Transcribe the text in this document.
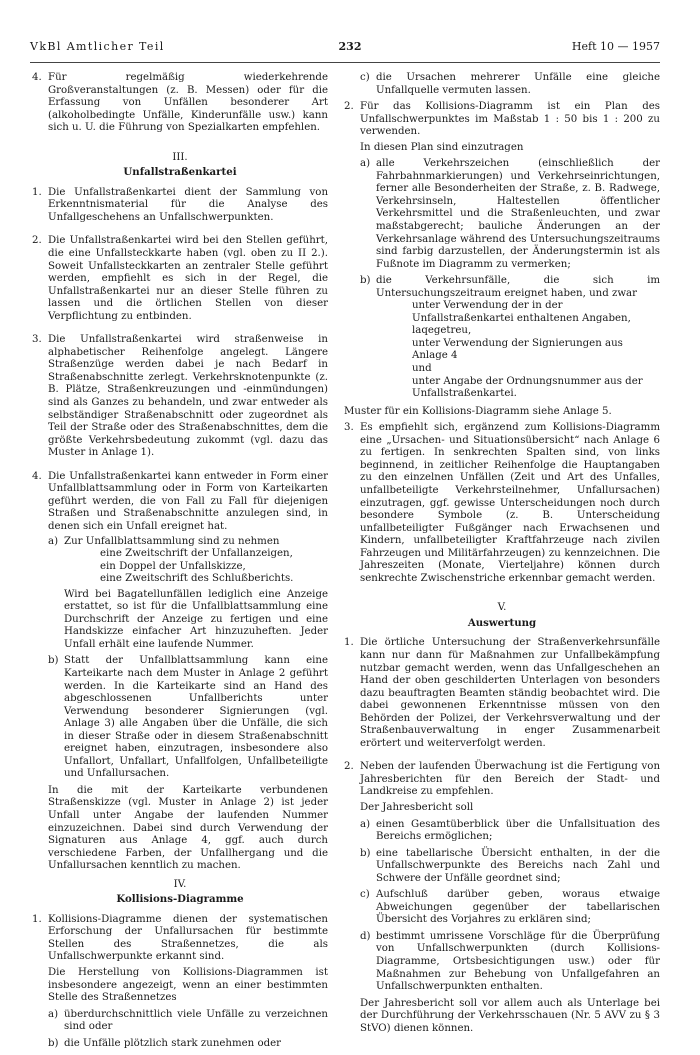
VkBl Amtlicher Teil	232	Heft 10 — 1957
4. Für regelmäßig wiederkehrende Großveranstaltungen (z. B. Messen) oder für die Erfassung von Unfällen besonderer Art (alkoholbedingte Unfälle, Kinderunfälle usw.) kann sich u. U. die Führung von Spezialkarten empfehlen.
III.
Unfallstraßenkartei
1. Die Unfallstraßenkartei dient der Sammlung von Erkenntnismaterial für die Analyse des Unfallgeschehens an Unfallschwerpunkten.
2. Die Unfallstraßenkartei wird bei den Stellen geführt, die eine Unfallsteckkarte haben (vgl. oben zu II 2.). Soweit Unfallsteckkarten an zentraler Stelle geführt werden, empfiehlt es sich in der Regel, die Unfallstraßenkartei nur an dieser Stelle führen zu lassen und die örtlichen Stellen von dieser Verpflichtung zu entbinden.
3. Die Unfallstraßenkartei wird straßenweise in alphabetischer Reihenfolge angelegt. Längere Straßenzüge werden dabei je nach Bedarf in Straßenabschnitte zerlegt. Verkehrsknotenpunkte (z. B. Plätze, Straßenkreuzungen und -einmündungen) sind als Ganzes zu behandeln, und zwar entweder als selbständiger Straßenabschnitt oder zugeordnet als Teil der Straße oder des Straßenabschnittes, dem die größte Verkehrsbedeutung zukommt (vgl. dazu das Muster in Anlage 1).
4. Die Unfallstraßenkartei kann entweder in Form einer Unfallblattsammlung oder in Form von Karteikarten geführt werden, die von Fall zu Fall für diejenigen Straßen und Straßenabschnitte anzulegen sind, in denen sich ein Unfall ereignet hat.
a) Zur Unfallblattsammlung sind zu nehmen
eine Zweitschrift der Unfallanzeigen,
ein Doppel der Unfallskizze,
eine Zweitschrift des Schlußberichts.
Wird bei Bagatellunfällen lediglich eine Anzeige erstattet, so ist für die Unfallblattsammlung eine Durchschrift der Anzeige zu fertigen und eine Handskizze einfacher Art hinzuzuheften. Jeder Unfall erhält eine laufende Nummer.
b) Statt der Unfallblattsammlung kann eine Karteikarte nach dem Muster in Anlage 2 geführt werden. In die Karteikarte sind an Hand des abgeschlossenen Unfallberichts unter Verwendung besonderer Signierungen (vgl. Anlage 3) alle Angaben über die Unfälle, die sich in dieser Straße oder in diesem Straßenabschnitt ereignet haben, einzutragen, insbesondere also Unfallort, Unfallart, Unfallfolgen, Unfallbeteiligte und Unfallursachen.
In die mit der Karteikarte verbundenen Straßenskizze (vgl. Muster in Anlage 2) ist jeder Unfall unter Angabe der laufenden Nummer einzuzeichnen. Dabei sind durch Verwendung der Signaturen aus Anlage 4, ggf. auch durch verschiedene Farben, der Unfallhergang und die Unfallursachen kenntlich zu machen.
IV.
Kollisions-Diagramme
1. Kollisions-Diagramme dienen der systematischen Erforschung der Unfallursachen für bestimmte Stellen des Straßennetzes, die als Unfallschwerpunkte erkannt sind.
Die Herstellung von Kollisions-Diagrammen ist insbesondere angezeigt, wenn an einer bestimmten Stelle des Straßennetzes
a) überdurchschnittlich viele Unfälle zu verzeichnen sind oder
b) die Unfälle plötzlich stark zunehmen oder
c) die Ursachen mehrerer Unfälle eine gleiche Unfallquelle vermuten lassen.
2. Für das Kollisions-Diagramm ist ein Plan des Unfallschwerpunktes im Maßstab 1 : 50 bis 1 : 200 zu verwenden.
In diesen Plan sind einzutragen
a) alle Verkehrszeichen (einschließlich der Fahrbahnmarkierungen) und Verkehrseinrichtungen, ferner alle Besonderheiten der Straße, z. B. Radwege, Verkehrsinseln, Haltestellen öffentlicher Verkehrsmittel und die Straßenleuchten, und zwar maßstabgerecht; bauliche Änderungen an der Verkehrsanlage während des Untersuchungszeitraums sind farbig darzustellen, der Änderungstermin ist als Fußnote im Diagramm zu vermerken;
b) die Verkehrsunfälle, die sich im Untersuchungszeitraum ereignet haben, und zwar
unter Verwendung der in der Unfallstraßenkartei enthaltenen Angaben,
laqegetreu,
unter Verwendung der Signierungen aus Anlage 4
und
unter Angabe der Ordnungsnummer aus der Unfallstraßenkartei.
Muster für ein Kollisions-Diagramm siehe Anlage 5.
3. Es empfiehlt sich, ergänzend zum Kollisions-Diagramm eine „Ursachen- und Situationsübersicht“ nach Anlage 6 zu fertigen. In senkrechten Spalten sind, von links beginnend, in zeitlicher Reihenfolge die Hauptangaben zu den einzelnen Unfällen (Zeit und Art des Unfalles, unfallbeteiligte Verkehrsteilnehmer, Unfallursachen) einzutragen, ggf. gewisse Unterscheidungen noch durch besondere Symbole (z. B. Unterscheidung unfallbeteiligter Fußgänger nach Erwachsenen und Kindern, unfallbeteiligter Kraftfahrzeuge nach zivilen Fahrzeugen und Militärfahrzeugen) zu kennzeichnen. Die Jahreszeiten (Monate, Vierteljahre) können durch senkrechte Zwischenstriche erkennbar gemacht werden.
V.
Auswertung
1. Die örtliche Untersuchung der Straßenverkehrsunfälle kann nur dann für Maßnahmen zur Unfallbekämpfung nutzbar gemacht werden, wenn das Unfallgeschehen an Hand der oben geschilderten Unterlagen von besonders dazu beauftragten Beamten ständig beobachtet wird. Die dabei gewonnenen Erkenntnisse müssen von den Behörden der Polizei, der Verkehrsverwaltung und der Straßenbauverwaltung in enger Zusammenarbeit erörtert und weiterverfolgt werden.
2. Neben der laufenden Überwachung ist die Fertigung von Jahresberichten für den Bereich der Stadt- und Landkreise zu empfehlen.
Der Jahresbericht soll
a) einen Gesamtüberblick über die Unfallsituation des Bereichs ermöglichen;
b) eine tabellarische Übersicht enthalten, in der die Unfallschwerpunkte des Bereichs nach Zahl und Schwere der Unfälle geordnet sind;
c) Aufschluß darüber geben, woraus etwaige Abweichungen gegenüber der tabellarischen Übersicht des Vorjahres zu erklären sind;
d) bestimmt umrissene Vorschläge für die Überprüfung von Unfallschwerpunkten (durch Kollisions-Diagramme, Ortsbesichtigungen usw.) oder für Maßnahmen zur Behebung von Unfallgefahren an Unfallschwerpunkten enthalten.
Der Jahresbericht soll vor allem auch als Unterlage bei der Durchführung der Verkehrsschauen (Nr. 5 AVV zu § 3 StVO) dienen können.
